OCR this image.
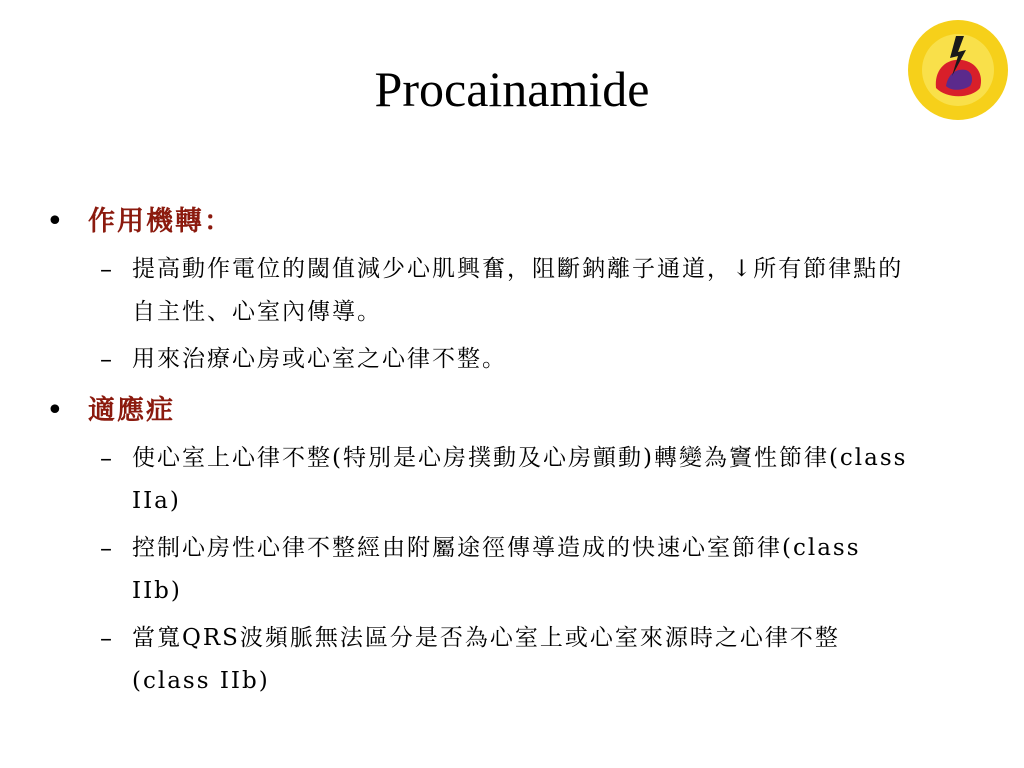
Procainamide
• 作用機轉：
– 提高動作電位的閾值減少心肌興奮，阻斷鈉離子通道，↓所有節律點的自主性、心室內傳導。
– 用來治療心房或心室之心律不整。
• 適應症
– 使心室上心律不整(特別是心房撲動及心房顫動)轉變為竇性節律(class IIa)
– 控制心房性心律不整經由附屬途徑傳導造成的快速心室節律(class IIb)
– 當寬QRS波頻脈無法區分是否為心室上或心室來源時之心律不整(class IIb)
